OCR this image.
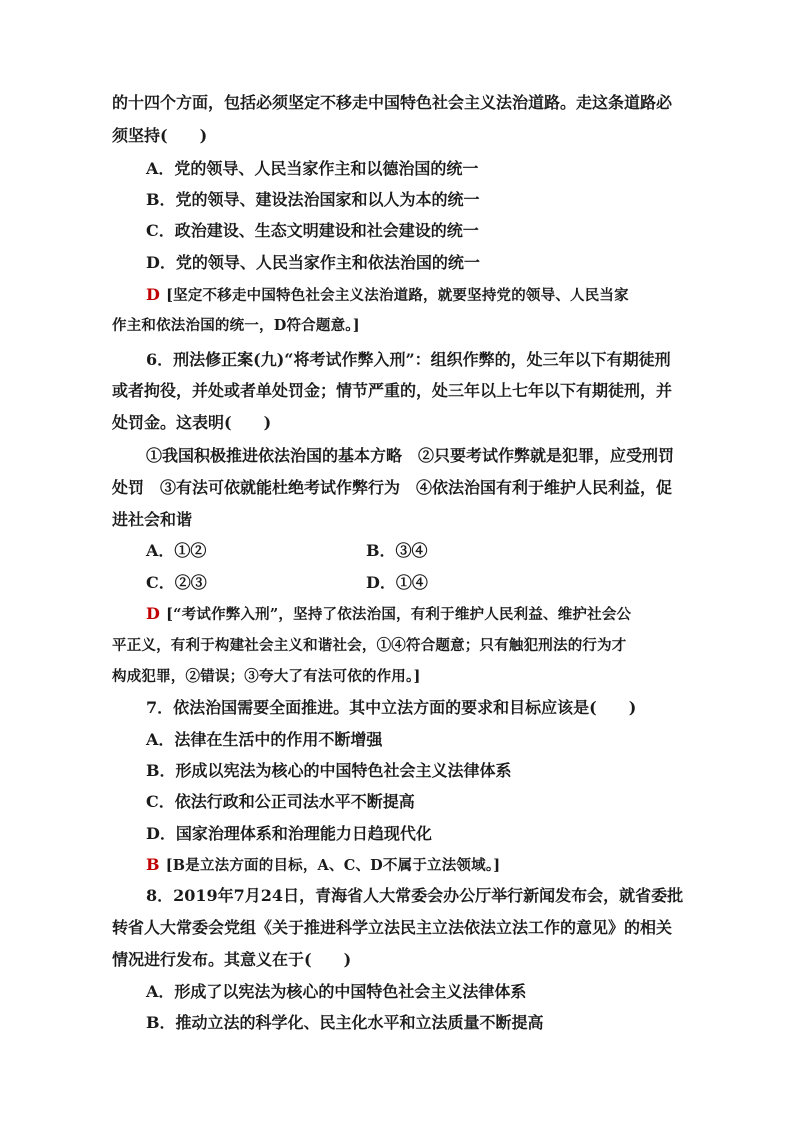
的十四个方面，包括必须坚定不移走中国特色社会主义法治道路。走这条道路必
须坚持(　　)
A．党的领导、人民当家作主和以德治国的统一
B．党的领导、建设法治国家和以人为本的统一
C．政治建设、生态文明建设和社会建设的统一
D．党的领导、人民当家作主和依法治国的统一
D [坚定不移走中国特色社会主义法治道路，就要坚持党的领导、人民当家
作主和依法治国的统一，D符合题意。]
6．刑法修正案(九)“将考试作弊入刑”：组织作弊的，处三年以下有期徒刑
或者拘役，并处或者单处罚金；情节严重的，处三年以上七年以下有期徒刑，并
处罚金。这表明(　　)
①我国积极推进依法治国的基本方略　②只要考试作弊就是犯罪，应受刑罚
处罚　③有法可依就能杜绝考试作弊行为　④依法治国有利于维护人民利益，促
进社会和谐
A．①②	B．③④
C．②③	D．①④
D [“考试作弊入刑”，坚持了依法治国，有利于维护人民利益、维护社会公
平正义，有利于构建社会主义和谐社会，①④符合题意；只有触犯刑法的行为才
构成犯罪，②错误；③夸大了有法可依的作用。]
7．依法治国需要全面推进。其中立法方面的要求和目标应该是(　　)
A．法律在生活中的作用不断增强
B．形成以宪法为核心的中国特色社会主义法律体系
C．依法行政和公正司法水平不断提高
D．国家治理体系和治理能力日趋现代化
B [B是立法方面的目标，A、C、D不属于立法领域。]
8．2019年7月24日，青海省人大常委会办公厅举行新闻发布会，就省委批
转省人大常委会党组《关于推进科学立法民主立法依法立法工作的意见》的相关
情况进行发布。其意义在于(　　)
A．形成了以宪法为核心的中国特色社会主义法律体系
B．推动立法的科学化、民主化水平和立法质量不断提高
